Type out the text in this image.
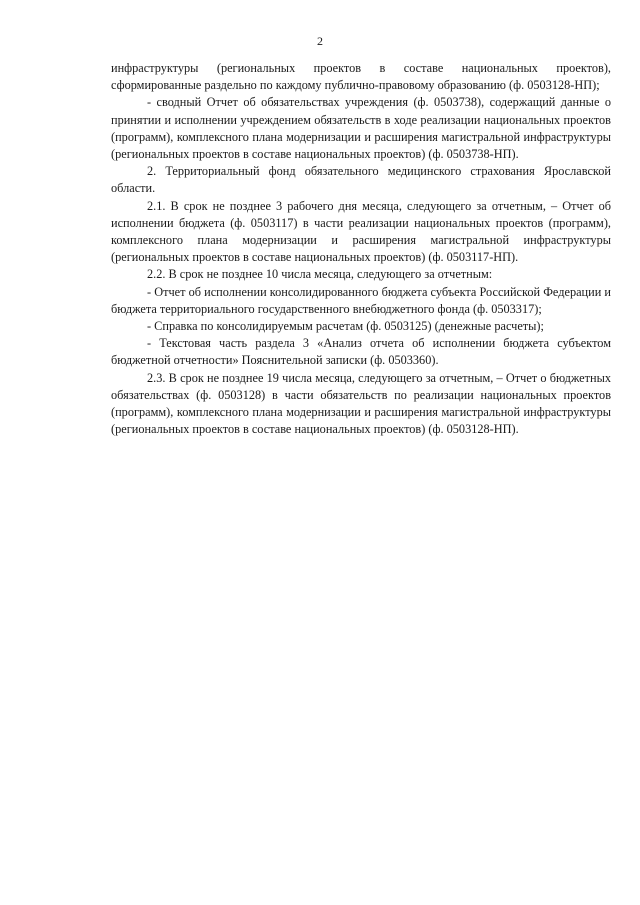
2

инфраструктуры (региональных проектов в составе национальных проектов), сформированные раздельно по каждому публично-правовому образованию (ф. 0503128-НП);

- сводный Отчет об обязательствах учреждения (ф. 0503738), содержащий данные о принятии и исполнении учреждением обязательств в ходе реализации национальных проектов (программ), комплексного плана модернизации и расширения магистральной инфраструктуры (региональных проектов в составе национальных проектов) (ф. 0503738-НП).

2. Территориальный фонд обязательного медицинского страхования Ярославской области.

2.1. В срок не позднее 3 рабочего дня месяца, следующего за отчетным, – Отчет об исполнении бюджета (ф. 0503117) в части реализации национальных проектов (программ), комплексного плана модернизации и расширения магистральной инфраструктуры (региональных проектов в составе национальных проектов) (ф. 0503117-НП).

2.2. В срок не позднее 10 числа месяца, следующего за отчетным:

- Отчет об исполнении консолидированного бюджета субъекта Российской Федерации и бюджета территориального государственного внебюджетного фонда (ф. 0503317);

- Справка по консолидируемым расчетам (ф. 0503125) (денежные расчеты);

- Текстовая часть раздела 3 «Анализ отчета об исполнении бюджета субъектом бюджетной отчетности» Пояснительной записки (ф. 0503360).

2.3. В срок не позднее 19 числа месяца, следующего за отчетным, – Отчет о бюджетных обязательствах (ф. 0503128) в части обязательств по реализации национальных проектов (программ), комплексного плана модернизации и расширения магистральной инфраструктуры (региональных проектов в составе национальных проектов) (ф. 0503128-НП).
